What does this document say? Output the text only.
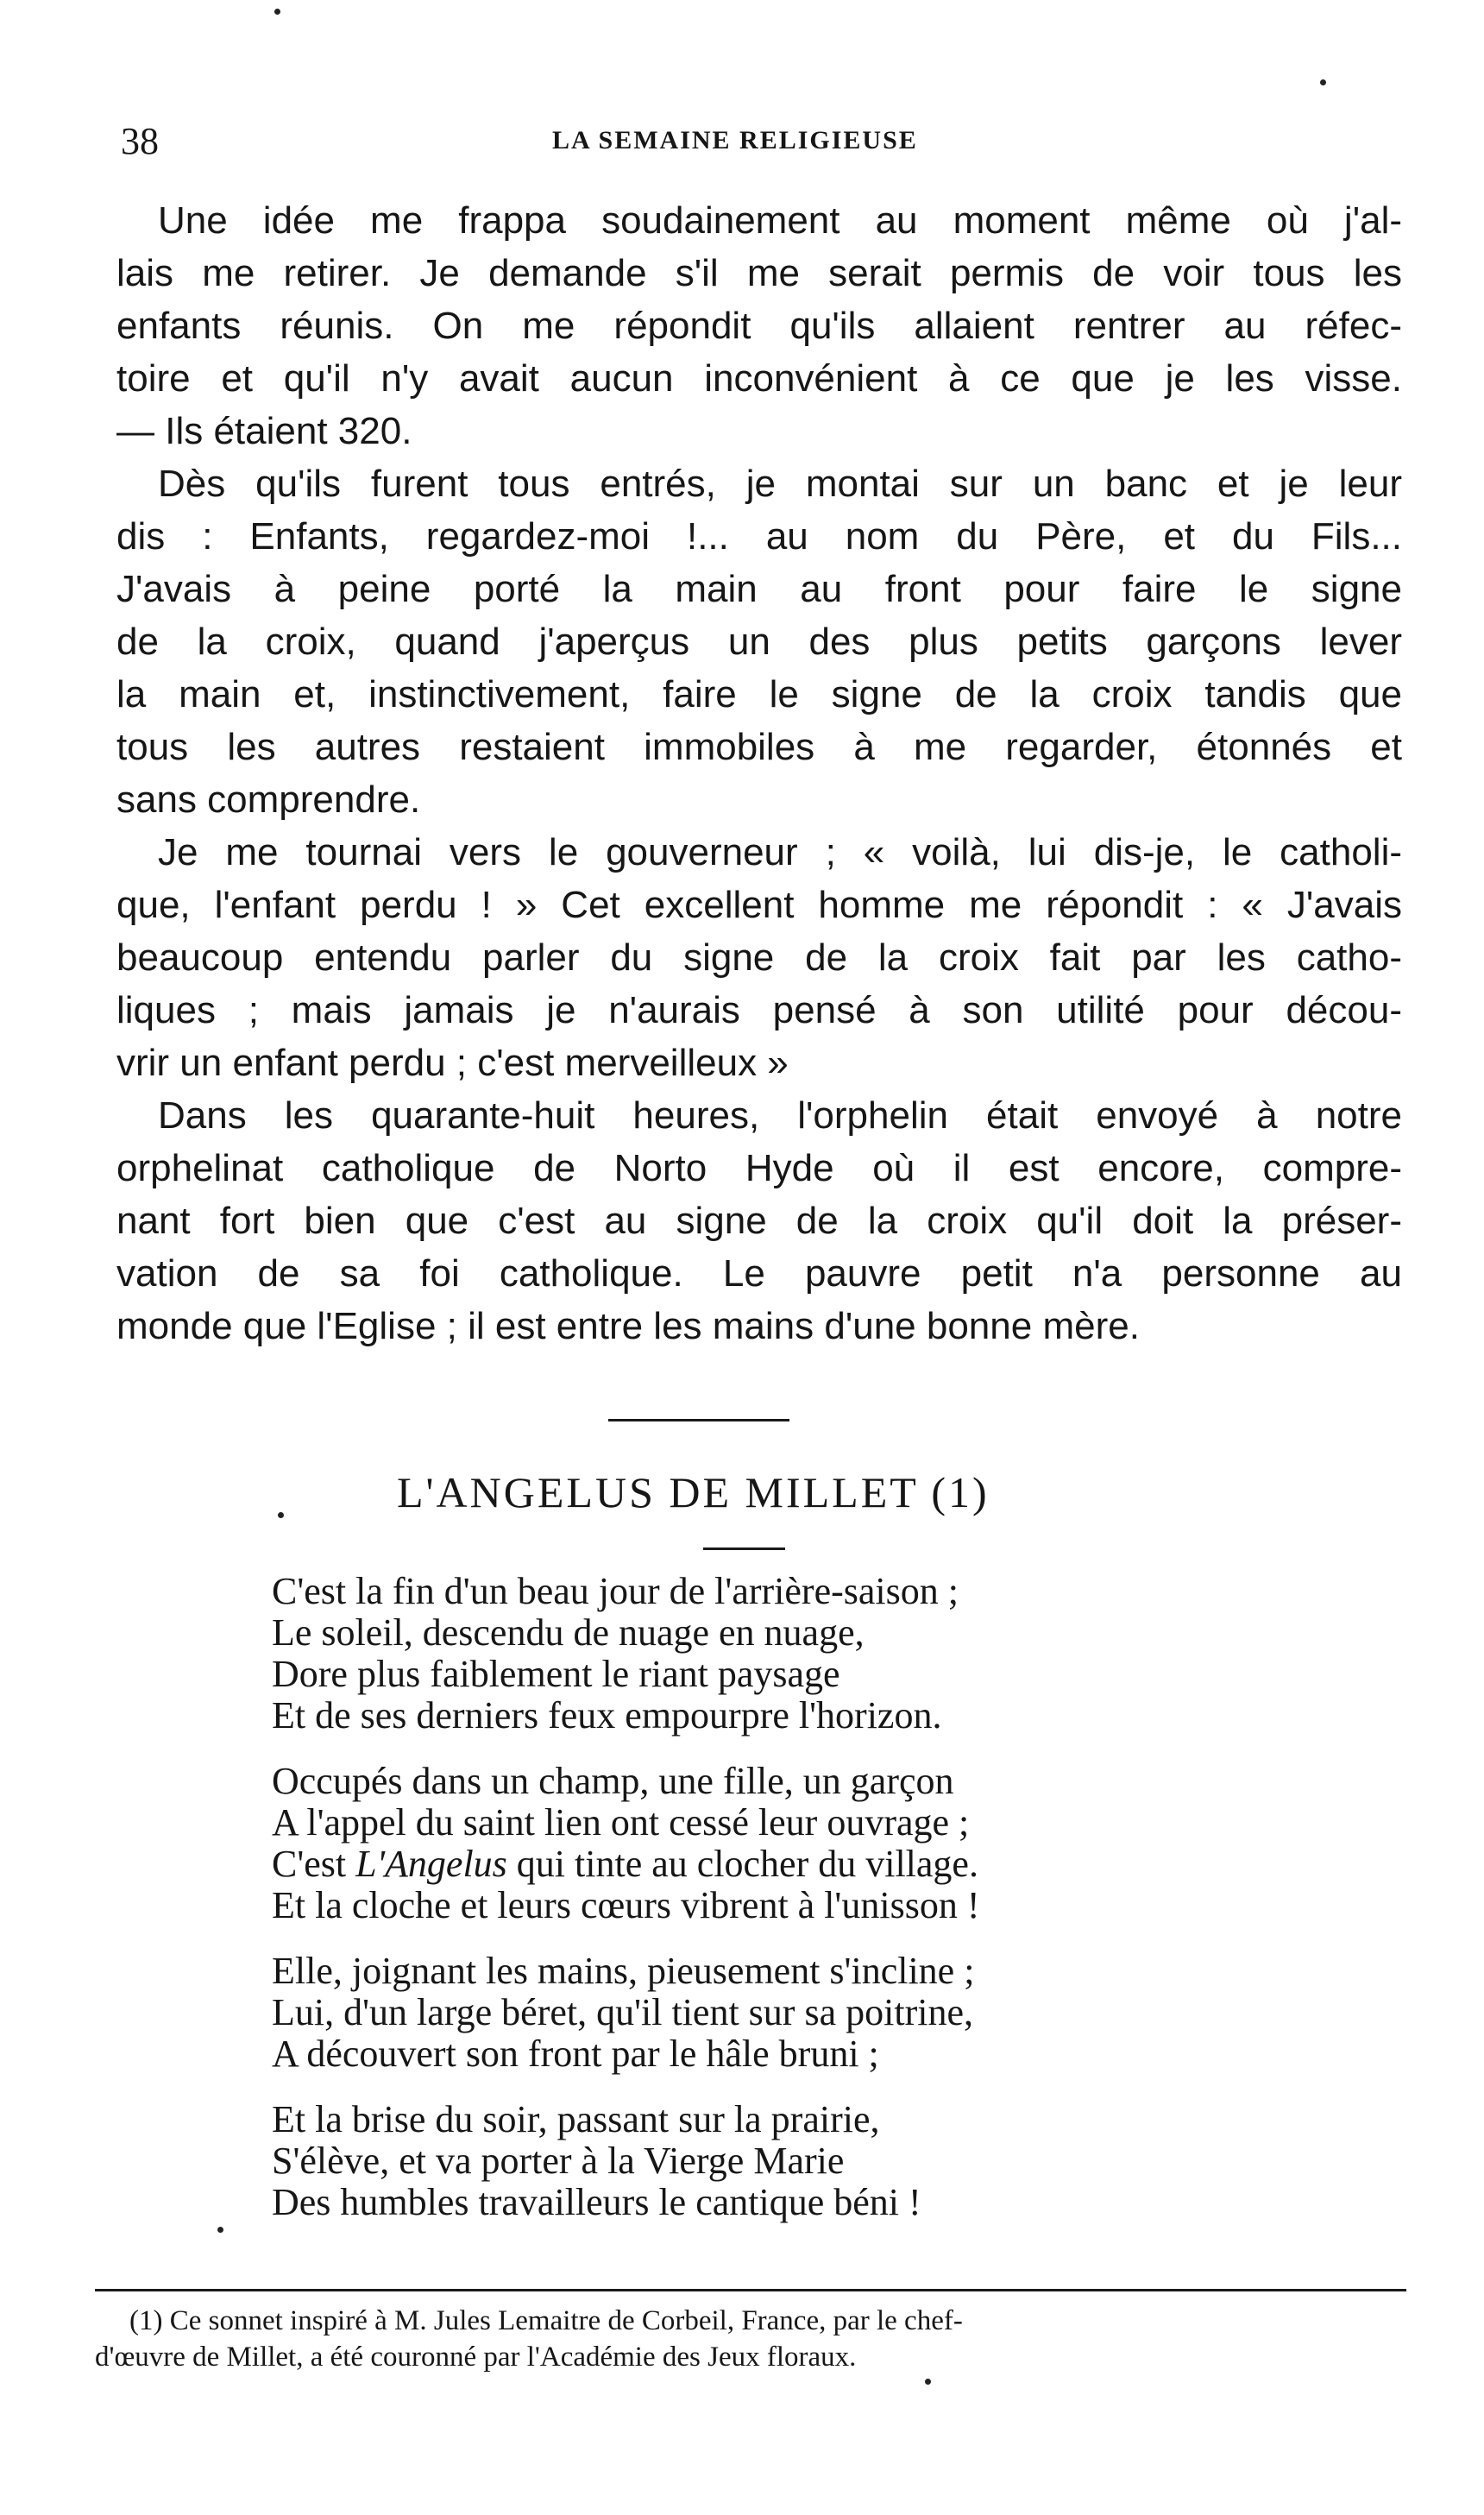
38	LA SEMAINE RELIGIEUSE
Une idée me frappa soudainement au moment même où j'al-
lais me retirer. Je demande s'il me serait permis de voir tous les
enfants réunis. On me répondit qu'ils allaient rentrer au réfec-
toire et qu'il n'y avait aucun inconvénient à ce que je les visse.
— Ils étaient 320.
Dès qu'ils furent tous entrés, je montai sur un banc et je leur
dis : Enfants, regardez-moi !... au nom du Père, et du Fils...
J'avais à peine porté la main au front pour faire le signe
de la croix, quand j'aperçus un des plus petits garçons lever
la main et, instinctivement, faire le signe de la croix tandis que
tous les autres restaient immobiles à me regarder, étonnés et
sans comprendre.
Je me tournai vers le gouverneur ; « voilà, lui dis-je, le catholi-
que, l'enfant perdu ! » Cet excellent homme me répondit : « J'avais
beaucoup entendu parler du signe de la croix fait par les catho-
liques ; mais jamais je n'aurais pensé à son utilité pour décou-
vrir un enfant perdu ; c'est merveilleux »
Dans les quarante-huit heures, l'orphelin était envoyé à notre
orphelinat catholique de Norto Hyde où il est encore, compre-
nant fort bien que c'est au signe de la croix qu'il doit la préser-
vation de sa foi catholique. Le pauvre petit n'a personne au
monde que l'Eglise ; il est entre les mains d'une bonne mère.
L'ANGELUS DE MILLET (1)
C'est la fin d'un beau jour de l'arrière-saison ;
Le soleil, descendu de nuage en nuage,
Dore plus faiblement le riant paysage
Et de ses derniers feux empourpre l'horizon.
Occupés dans un champ, une fille, un garçon
A l'appel du saint lien ont cessé leur ouvrage ;
C'est L'Angelus qui tinte au clocher du village.
Et la cloche et leurs cœurs vibrent à l'unisson !
Elle, joignant les mains, pieusement s'incline ;
Lui, d'un large béret, qu'il tient sur sa poitrine,
A découvert son front par le hâle bruni ;
Et la brise du soir, passant sur la prairie,
S'élève, et va porter à la Vierge Marie
Des humbles travailleurs le cantique béni !
(1) Ce sonnet inspiré à M. Jules Lemaitre de Corbeil, France, par le chef-
d'œuvre de Millet, a été couronné par l'Académie des Jeux floraux.
